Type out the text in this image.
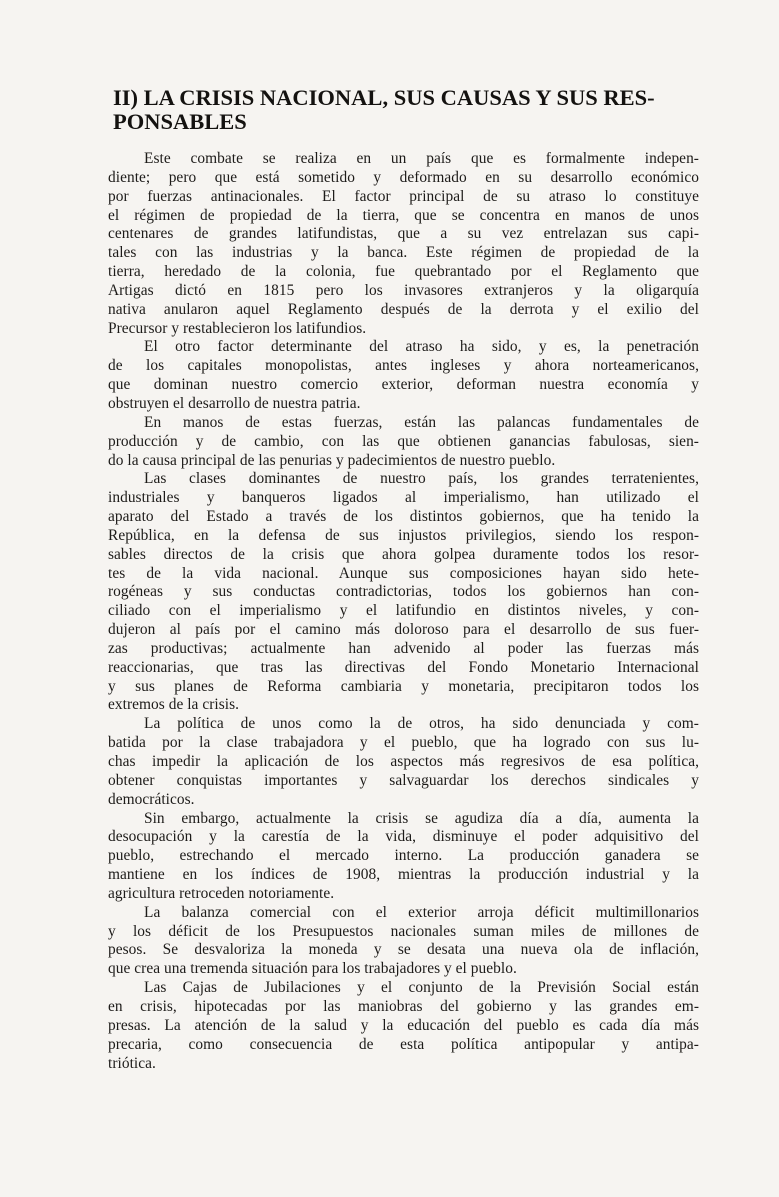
II) LA CRISIS NACIONAL, SUS CAUSAS Y SUS RES-
PONSABLES

Este combate se realiza en un país que es formalmente indepen-
diente; pero que está sometido y deformado en su desarrollo económico
por fuerzas antinacionales. El factor principal de su atraso lo constituye
el régimen de propiedad de la tierra, que se concentra en manos de unos
centenares de grandes latifundistas, que a su vez entrelazan sus capi-
tales con las industrias y la banca. Este régimen de propiedad de la
tierra, heredado de la colonia, fue quebrantado por el Reglamento que
Artigas dictó en 1815 pero los invasores extranjeros y la oligarquía
nativa anularon aquel Reglamento después de la derrota y el exilio del
Precursor y restablecieron los latifundios.

El otro factor determinante del atraso ha sido, y es, la penetración
de los capitales monopolistas, antes ingleses y ahora norteamericanos,
que dominan nuestro comercio exterior, deforman nuestra economía y
obstruyen el desarrollo de nuestra patria.

En manos de estas fuerzas, están las palancas fundamentales de
producción y de cambio, con las que obtienen ganancias fabulosas, sien-
do la causa principal de las penurias y padecimientos de nuestro pueblo.

Las clases dominantes de nuestro país, los grandes terratenientes,
industriales y banqueros ligados al imperialismo, han utilizado el
aparato del Estado a través de los distintos gobiernos, que ha tenido la
República, en la defensa de sus injustos privilegios, siendo los respon-
sables directos de la crisis que ahora golpea duramente todos los resor-
tes de la vida nacional. Aunque sus composiciones hayan sido hete-
rogéneas y sus conductas contradictorias, todos los gobiernos han con-
ciliado con el imperialismo y el latifundio en distintos niveles, y con-
dujeron al país por el camino más doloroso para el desarrollo de sus fuer-
zas productivas; actualmente han advenido al poder las fuerzas más
reaccionarias, que tras las directivas del Fondo Monetario Internacional
y sus planes de Reforma cambiaria y monetaria, precipitaron todos los
extremos de la crisis.

La política de unos como la de otros, ha sido denunciada y com-
batida por la clase trabajadora y el pueblo, que ha logrado con sus lu-
chas impedir la aplicación de los aspectos más regresivos de esa política,
obtener conquistas importantes y salvaguardar los derechos sindicales y
democráticos.

Sin embargo, actualmente la crisis se agudiza día a día, aumenta la
desocupación y la carestía de la vida, disminuye el poder adquisitivo del
pueblo, estrechando el mercado interno. La producción ganadera se
mantiene en los índices de 1908, mientras la producción industrial y la
agricultura retroceden notoriamente.

La balanza comercial con el exterior arroja déficit multimillonarios
y los déficit de los Presupuestos nacionales suman miles de millones de
pesos. Se desvaloriza la moneda y se desata una nueva ola de inflación,
que crea una tremenda situación para los trabajadores y el pueblo.

Las Cajas de Jubilaciones y el conjunto de la Previsión Social están
en crisis, hipotecadas por las maniobras del gobierno y las grandes em-
presas. La atención de la salud y la educación del pueblo es cada día más
precaria, como consecuencia de esta política antipopular y antipa-
triótica.
